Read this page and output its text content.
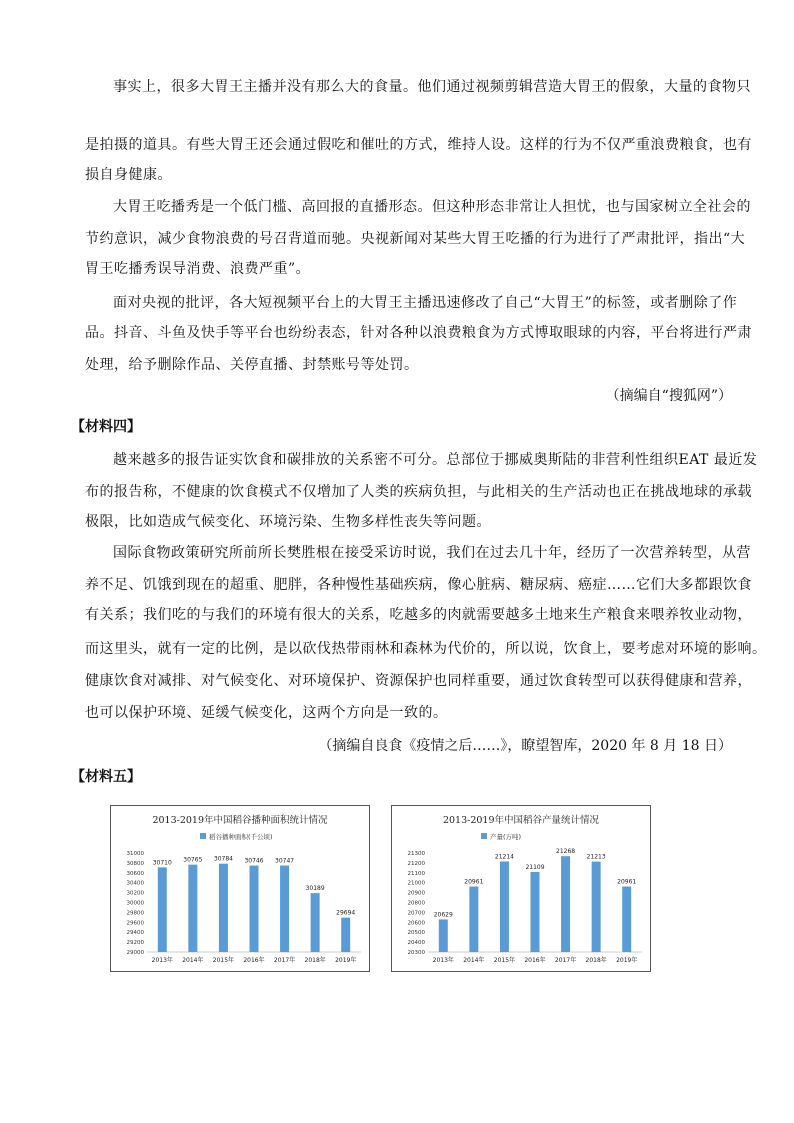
事实上，很多大胃王主播并没有那么大的食量。他们通过视频剪辑营造大胃王的假象，大量的食物只
是拍摄的道具。有些大胃王还会通过假吃和催吐的方式，维持人设。这样的行为不仅严重浪费粮食，也有
损自身健康。
大胃王吃播秀是一个低门槛、高回报的直播形态。但这种形态非常让人担忧，也与国家树立全社会的
节约意识，减少食物浪费的号召背道而驰。央视新闻对某些大胃王吃播的行为进行了严肃批评，指出“大
胃王吃播秀误导消费、浪费严重”。
面对央视的批评，各大短视频平台上的大胃王主播迅速修改了自己“大胃王”的标签，或者删除了作
品。抖音、斗鱼及快手等平台也纷纷表态，针对各种以浪费粮食为方式博取眼球的内容，平台将进行严肃
处理，给予删除作品、关停直播、封禁账号等处罚。
（摘编自“搜狐网”）
【材料四】
越来越多的报告证实饮食和碳排放的关系密不可分。总部位于挪威奥斯陆的非营利性组织EAT 最近发
布的报告称，不健康的饮食模式不仅增加了人类的疾病负担，与此相关的生产活动也正在挑战地球的承载
极限，比如造成气候变化、环境污染、生物多样性丧失等问题。
国际食物政策研究所前所长樊胜根在接受采访时说，我们在过去几十年，经历了一次营养转型，从营
养不足、饥饿到现在的超重、肥胖，各种慢性基础疾病，像心脏病、糖尿病、癌症……它们大多都跟饮食
有关系；我们吃的与我们的环境有很大的关系，吃越多的肉就需要越多土地来生产粮食来喂养牧业动物，
而这里头，就有一定的比例，是以砍伐热带雨林和森林为代价的，所以说，饮食上，要考虑对环境的影响。
健康饮食对减排、对气候变化、对环境保护、资源保护也同样重要，通过饮食转型可以获得健康和营养，
也可以保护环境、延缓气候变化，这两个方向是一致的。
（摘编自良食《疫情之后……》，瞭望智库，2020 年 8 月 18 日）
【材料五】
2013-2019年中国稻谷播种面积统计情况
稻谷播种面积(千公顷)
31000
30800
30600
30400
30200
30000
29800
29600
29400
29200
29000
30710
2013年
30765
2014年
30784
2015年
30746
2016年
30747
2017年
30189
2018年
29694
2019年
2013-2019年中国稻谷产量统计情况
产量(万吨)
21300
21200
21100
21000
20900
20800
20700
20600
20500
20400
20300
20629
2013年
20961
2014年
21214
2015年
21109
2016年
21268
2017年
21213
2018年
20961
2019年
